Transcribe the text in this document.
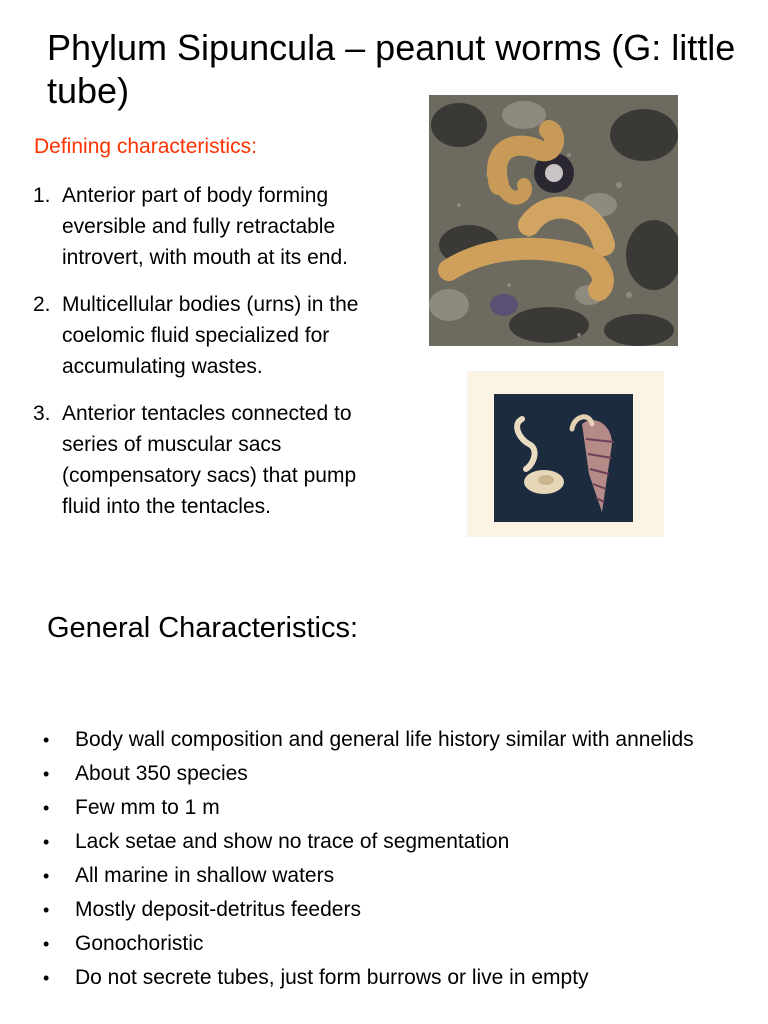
Phylum Sipuncula – peanut worms (G: little tube)
Defining characteristics:
1. Anterior part of body forming eversible and fully retractable introvert, with mouth at its end.
2. Multicellular bodies (urns) in the coelomic fluid specialized for accumulating wastes.
3. Anterior tentacles connected to series of muscular sacs (compensatory sacs) that pump fluid into the tentacles.
General Characteristics:
• Body wall composition and general life history similar with annelids
• About 350 species
• Few mm to 1 m
• Lack setae and show no trace of segmentation
• All marine in shallow waters
• Mostly deposit-detritus feeders
• Gonochoristic
• Do not secrete tubes, just form burrows or live in empty
